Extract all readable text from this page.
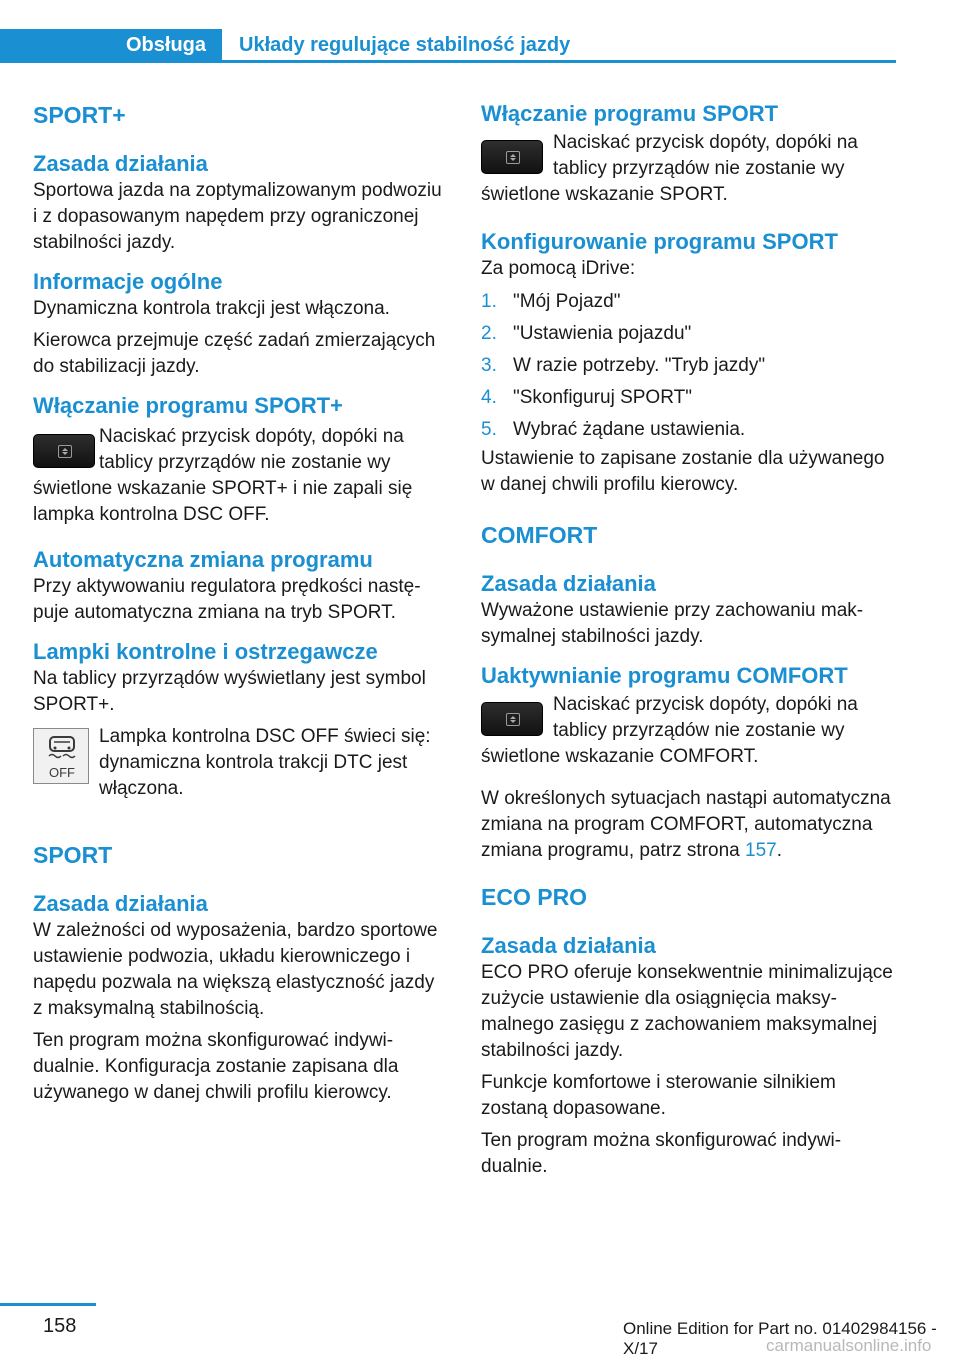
Obsługa	Układy regulujące stabilność jazdy
SPORT+
Zasada działania
Sportowa jazda na zoptymalizowanym podwoziu i z dopasowanym napędem przy ograniczonej stabilności jazdy.
Informacje ogólne
Dynamiczna kontrola trakcji jest włączona.
Kierowca przejmuje część zadań zmierzających do stabilizacji jazdy.
Włączanie programu SPORT+
Naciskać przycisk dopóty, dopóki na tablicy przyrządów nie zostanie wy
świetlone wskazanie SPORT+ i nie zapali się lampka kontrolna DSC OFF.
Automatyczna zmiana programu
Przy aktywowaniu regulatora prędkości następuje automatyczna zmiana na tryb SPORT.
Lampki kontrolne i ostrzegawcze
Na tablicy przyrządów wyświetlany jest symbol SPORT+.
OFF
Lampka kontrolna DSC OFF świeci się: dynamiczna kontrola trakcji DTC jest włączona.
SPORT
Zasada działania
W zależności od wyposażenia, bardzo sportowe ustawienie podwozia, układu kierowniczego i napędu pozwala na większą elastyczność jazdy z maksymalną stabilnością.
Ten program można skonfigurować indywidualnie. Konfiguracja zostanie zapisana dla używanego w danej chwili profilu kierowcy.
Włączanie programu SPORT
Naciskać przycisk dopóty, dopóki na tablicy przyrządów nie zostanie wy
świetlone wskazanie SPORT.
Konfigurowanie programu SPORT
Za pomocą iDrive:
1. "Mój Pojazd"
2. "Ustawienia pojazdu"
3. W razie potrzeby. "Tryb jazdy"
4. "Skonfiguruj SPORT"
5. Wybrać żądane ustawienia.
Ustawienie to zapisane zostanie dla używanego w danej chwili profilu kierowcy.
COMFORT
Zasada działania
Wyważone ustawienie przy zachowaniu maksymalnej stabilności jazdy.
Uaktywnianie programu COMFORT
Naciskać przycisk dopóty, dopóki na tablicy przyrządów nie zostanie wy
świetlone wskazanie COMFORT.
W określonych sytuacjach nastąpi automatyczna zmiana na program COMFORT, automatyczna zmiana programu, patrz strona 157.
ECO PRO
Zasada działania
ECO PRO oferuje konsekwentnie minimalizujące zużycie ustawienie dla osiągnięcia maksymalnego zasięgu z zachowaniem maksymalnej stabilności jazdy.
Funkcje komfortowe i sterowanie silnikiem zostaną dopasowane.
Ten program można skonfigurować indywidualnie.
158	Online Edition for Part no. 01402984156 - X/17	carmanualsonline.info
